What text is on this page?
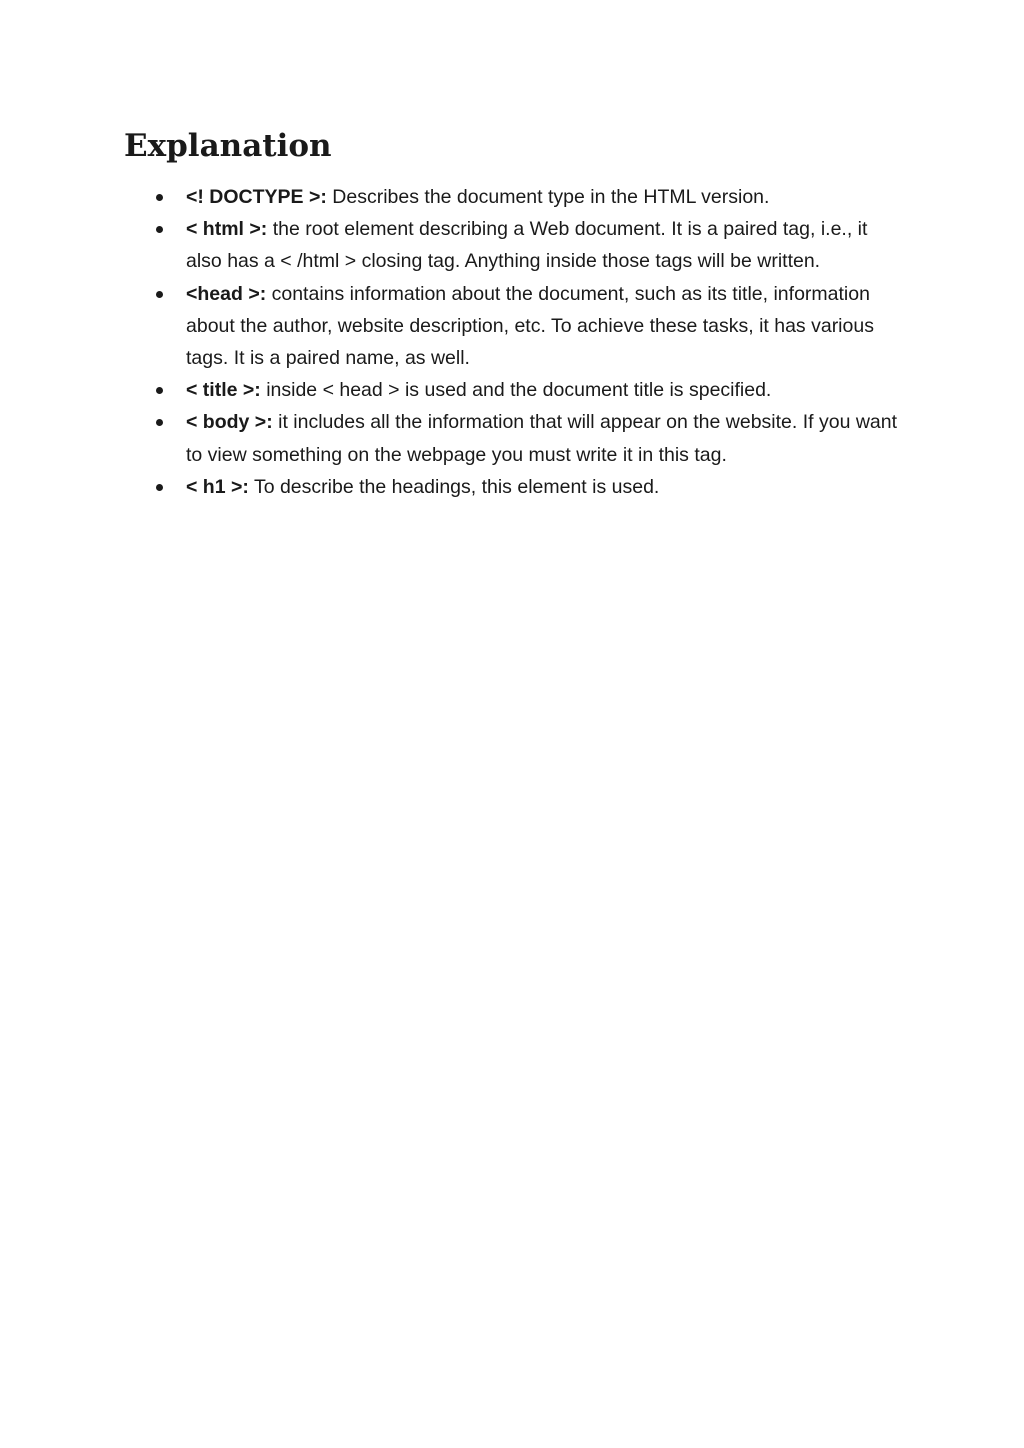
Explanation
<! DOCTYPE >: Describes the document type in the HTML version.
< html >: the root element describing a Web document. It is a paired tag, i.e., it also has a < /html > closing tag. Anything inside those tags will be written.
<head >: contains information about the document, such as its title, information about the author, website description, etc. To achieve these tasks, it has various tags. It is a paired name, as well.
< title >: inside < head > is used and the document title is specified.
< body >: it includes all the information that will appear on the website. If you want to view something on the webpage you must write it in this tag.
< h1 >: To describe the headings, this element is used.
